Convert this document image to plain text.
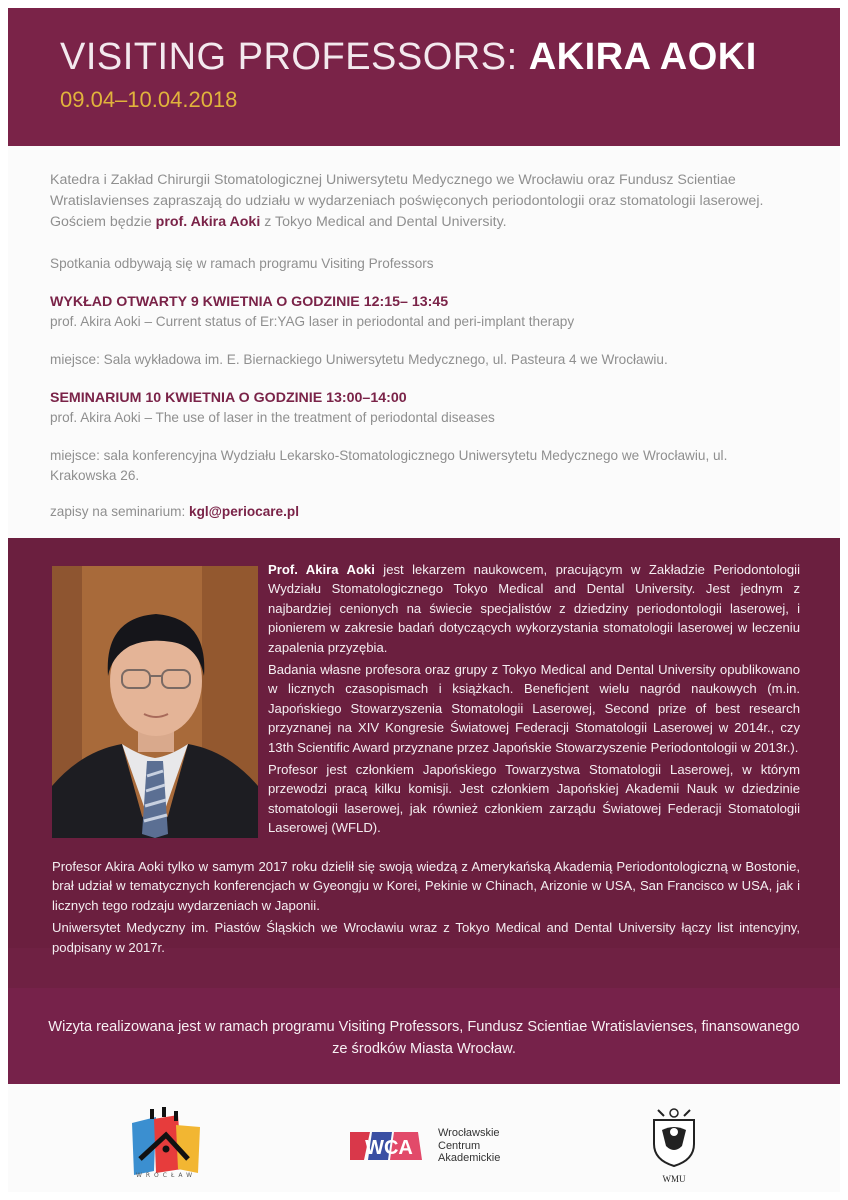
VISITING PROFESSORS: AKIRA AOKI
09.04–10.04.2018
Katedra i Zakład Chirurgii Stomatologicznej Uniwersytetu Medycznego we Wrocławiu oraz Fundusz Scientiae Wratislavienses zapraszają do udziału w wydarzeniach poświęconych periodontologii oraz stomatologii laserowej. Gościem będzie prof. Akira Aoki z Tokyo Medical and Dental University.
Spotkania odbywają się w ramach programu Visiting Professors
WYKŁAD OTWARTY 9 KWIETNIA O GODZINIE 12:15– 13:45
prof. Akira Aoki – Current status of Er:YAG laser in periodontal and peri-implant therapy
miejsce: Sala wykładowa im. E. Biernackiego Uniwersytetu Medycznego, ul. Pasteura 4 we Wrocławiu.
SEMINARIUM 10 KWIETNIA O GODZINIE 13:00–14:00
prof. Akira Aoki – The use of laser in the treatment of periodontal diseases
miejsce: sala konferencyjna Wydziału Lekarsko-Stomatologicznego Uniwersytetu Medycznego we Wrocławiu, ul. Krakowska 26.
zapisy na seminarium: kgl@periocare.pl

Prof. Akira Aoki jest lekarzem naukowcem, pracującym w Zakładzie Periodontologii Wydziału Stomatologicznego Tokyo Medical and Dental University. Jest jednym z najbardziej cenionych na świecie specjalistów z dziedziny periodontologii laserowej, i pionierem w zakresie badań dotyczących wykorzystania stomatologii laserowej w leczeniu zapalenia przyzębia.

Badania własne profesora oraz grupy z Tokyo Medical and Dental University opublikowano w licznych czasopismach i książkach. Beneficjent wielu nagród naukowych (m.in. Japońskiego Stowarzyszenia Stomatologii Laserowej, Second prize of best research przyznanej na XIV Kongresie Światowej Federacji Stomatologii Laserowej w 2014r., czy 13th Scientific Award przyznane przez Japońskie Stowarzyszenie Periodontologii w 2013r.).

Profesor jest członkiem Japońskiego Towarzystwa Stomatologii Laserowej, w którym przewodzi pracą kilku komisji. Jest członkiem Japońskiej Akademii Nauk w dziedzinie stomatologii laserowej, jak również członkiem zarządu Światowej Federacji Stomatologii Laserowej (WFLD).

Profesor Akira Aoki tylko w samym 2017 roku dzielił się swoją wiedzą z Amerykańską Akademią Periodontologiczną w Bostonie, brał udział w tematycznych konferencjach w Gyeongju w Korei, Pekinie w Chinach, Arizonie w USA, San Francisco w USA, jak i licznych tego rodzaju wydarzeniach w Japonii.

Uniwersytet Medyczny im. Piastów Śląskich we Wrocławiu wraz z Tokyo Medical and Dental University łączy list intencyjny, podpisany w 2017r.

Wizyta realizowana jest w ramach programu Visiting Professors, Fundusz Scientiae Wratislavienses, finansowanego ze środków Miasta Wrocław.
WROCŁAW
WCA
Wrocławskie
Centrum
Akademickie
WMU
